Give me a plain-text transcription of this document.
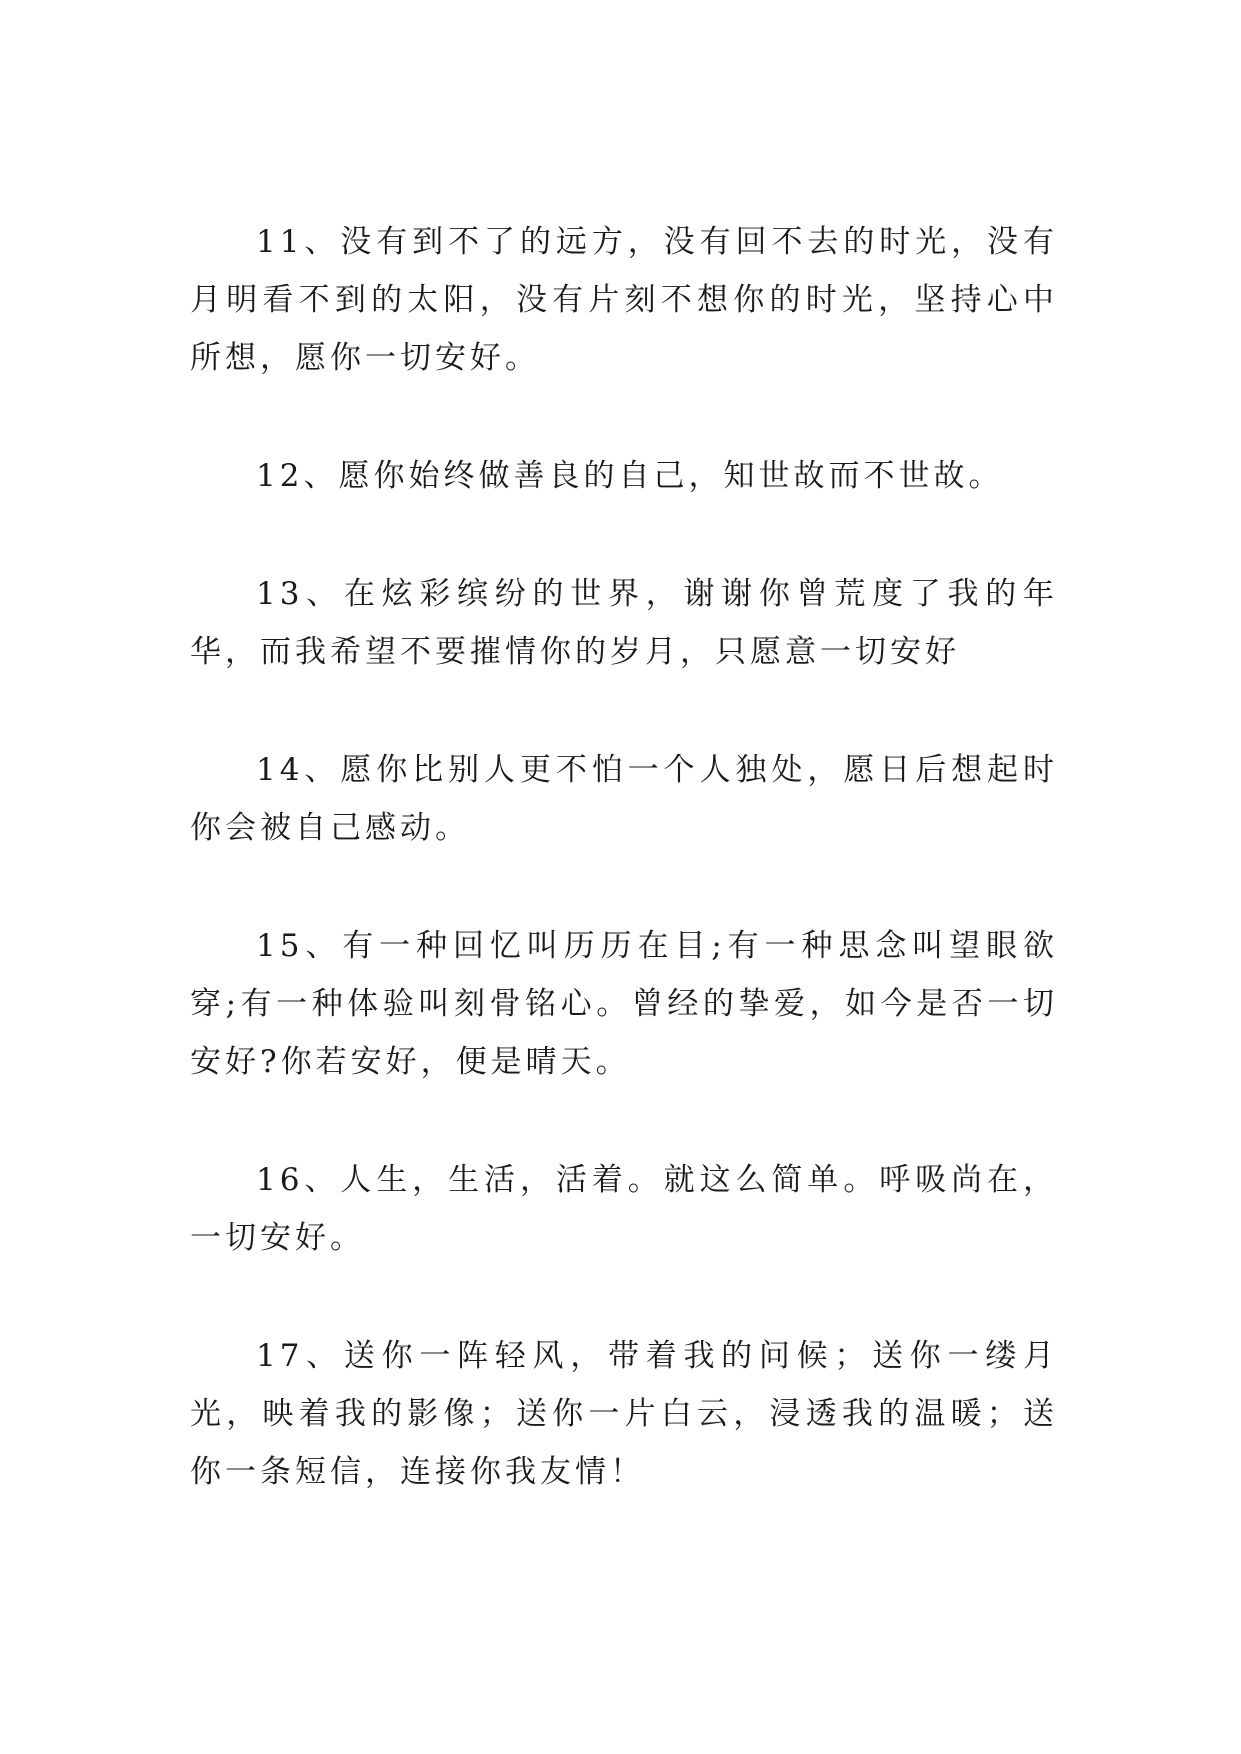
11、没有到不了的远方，没有回不去的时光，没有月明看不到的太阳，没有片刻不想你的时光，坚持心中所想，愿你一切安好。

12、愿你始终做善良的自己，知世故而不世故。

13、在炫彩缤纷的世界，谢谢你曾荒度了我的年华，而我希望不要摧情你的岁月，只愿意一切安好

14、愿你比别人更不怕一个人独处，愿日后想起时你会被自己感动。

15、有一种回忆叫历历在目;有一种思念叫望眼欲穿;有一种体验叫刻骨铭心。曾经的挚爱，如今是否一切安好?你若安好，便是晴天。

16、人生，生活，活着。就这么简单。呼吸尚在，一切安好。

17、送你一阵轻风，带着我的问候；送你一缕月光，映着我的影像；送你一片白云，浸透我的温暖；送你一条短信，连接你我友情！
